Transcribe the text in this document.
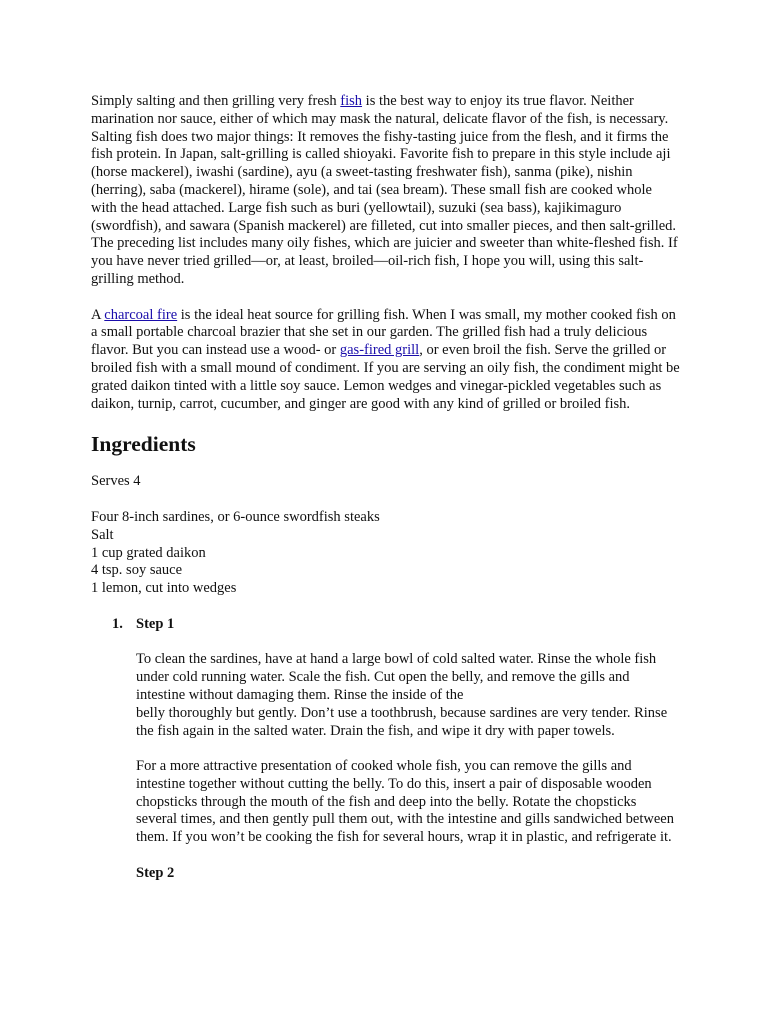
Simply salting and then grilling very fresh fish is the best way to enjoy its true flavor. Neither marination nor sauce, either of which may mask the natural, delicate flavor of the fish, is necessary. Salting fish does two major things: It removes the fishy-tasting juice from the flesh, and it firms the fish protein. In Japan, salt-grilling is called shioyaki. Favorite fish to prepare in this style include aji (horse mackerel), iwashi (sardine), ayu (a sweet-tasting freshwater fish), sanma (pike), nishin (herring), saba (mackerel), hirame (sole), and tai (sea bream). These small fish are cooked whole with the head attached. Large fish such as buri (yellowtail), suzuki (sea bass), kajikimaguro (swordfish), and sawara (Spanish mackerel) are filleted, cut into smaller pieces, and then salt-grilled. The preceding list includes many oily fishes, which are juicier and sweeter than white-fleshed fish. If you have never tried grilled—or, at least, broiled—oil-rich fish, I hope you will, using this salt-grilling method.

A charcoal fire is the ideal heat source for grilling fish. When I was small, my mother cooked fish on a small portable charcoal brazier that she set in our garden. The grilled fish had a truly delicious flavor. But you can instead use a wood- or gas-fired grill, or even broil the fish. Serve the grilled or broiled fish with a small mound of condiment. If you are serving an oily fish, the condiment might be grated daikon tinted with a little soy sauce. Lemon wedges and vinegar-pickled vegetables such as daikon, turnip, carrot, cucumber, and ginger are good with any kind of grilled or broiled fish.

Ingredients
Serves 4
Four 8-inch sardines, or 6-ounce swordfish steaks
Salt
1 cup grated daikon
4 tsp. soy sauce
1 lemon, cut into wedges
1. Step 1

To clean the sardines, have at hand a large bowl of cold salted water. Rinse the whole fish under cold running water. Scale the fish. Cut open the belly, and remove the gills and intestine without damaging them. Rinse the inside of the
belly thoroughly but gently. Don’t use a toothbrush, because sardines are very tender. Rinse the fish again in the salted water. Drain the fish, and wipe it dry with paper towels.

For a more attractive presentation of cooked whole fish, you can remove the gills and intestine together without cutting the belly. To do this, insert a pair of disposable wooden chopsticks through the mouth of the fish and deep into the belly. Rotate the chopsticks several times, and then gently pull them out, with the intestine and gills sandwiched between them. If you won’t be cooking the fish for several hours, wrap it in plastic, and refrigerate it.

Step 2
